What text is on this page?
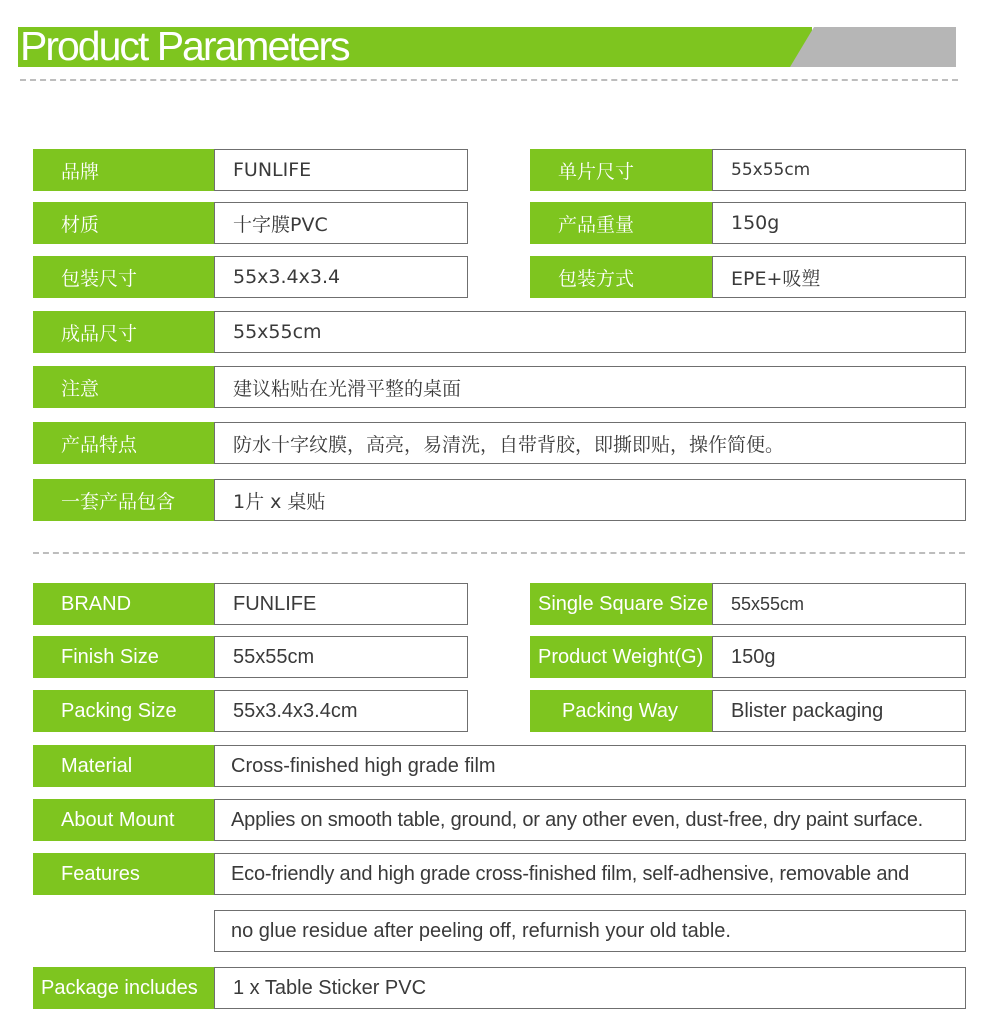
Product Parameters
品牌	FUNLIFE	单片尺寸	55x55cm
材质	十字膜PVC	产品重量	150g
包装尺寸	55x3.4x3.4	包装方式	EPE+吸塑
成品尺寸	55x55cm
注意	建议粘贴在光滑平整的桌面
产品特点	防水十字纹膜，高亮，易清洗，自带背胶，即撕即贴，操作简便。
一套产品包含	1片 x 桌贴
BRAND	FUNLIFE	Single Square Size	55x55cm
Finish Size	55x55cm	Product Weight(G)	150g
Packing Size	55x3.4x3.4cm	Packing Way	Blister packaging
Material	Cross-finished high grade film
About Mount	Applies on smooth table, ground, or any other even, dust-free, dry paint surface.
Features	Eco-friendly and high grade cross-finished film, self-adhensive, removable and
no glue residue after peeling off, refurnish your old table.
Package includes	1 x Table Sticker PVC
